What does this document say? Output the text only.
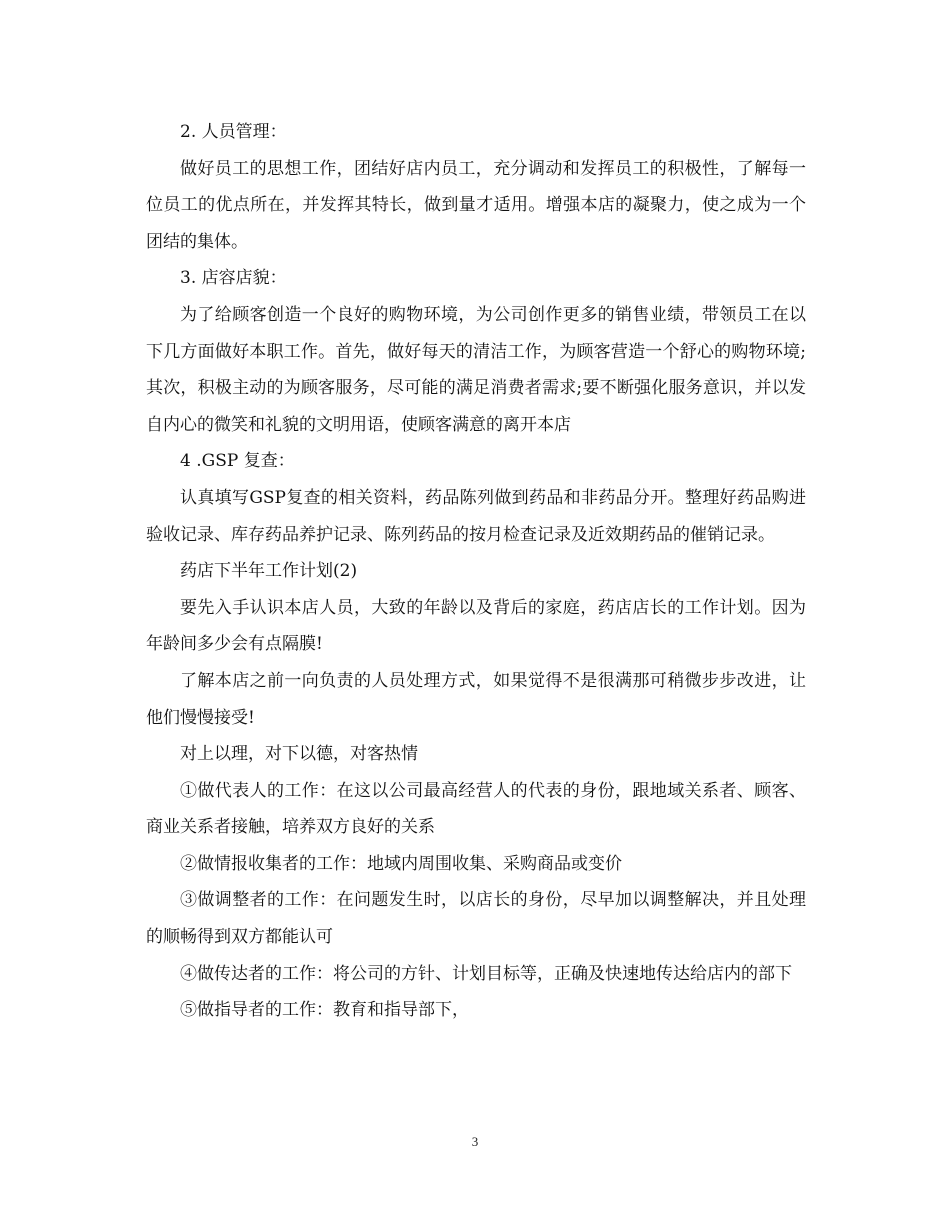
2. 人员管理：

做好员工的思想工作，团结好店内员工，充分调动和发挥员工的积极性，了解每一位员工的优点所在，并发挥其特长，做到量才适用。增强本店的凝聚力，使之成为一个团结的集体。

3. 店容店貌：

为了给顾客创造一个良好的购物环境，为公司创作更多的销售业绩，带领员工在以下几方面做好本职工作。首先，做好每天的清洁工作，为顾客营造一个舒心的购物环境;其次，积极主动的为顾客服务，尽可能的满足消费者需求;要不断强化服务意识，并以发自内心的微笑和礼貌的文明用语，使顾客满意的离开本店

4 .GSP 复查：

认真填写GSP复查的相关资料，药品陈列做到药品和非药品分开。整理好药品购进验收记录、库存药品养护记录、陈列药品的按月检查记录及近效期药品的催销记录。

药店下半年工作计划(2)

要先入手认识本店人员，大致的年龄以及背后的家庭，药店店长的工作计划。因为年龄间多少会有点隔膜!

了解本店之前一向负责的人员处理方式，如果觉得不是很满那可稍微步步改进，让他们慢慢接受!

对上以理，对下以德，对客热情

①做代表人的工作：在这以公司最高经营人的代表的身份，跟地域关系者、顾客、商业关系者接触，培养双方良好的关系

②做情报收集者的工作：地域内周围收集、采购商品或变价

③做调整者的工作：在问题发生时，以店长的身份，尽早加以调整解决，并且处理的顺畅得到双方都能认可

④做传达者的工作：将公司的方针、计划目标等，正确及快速地传达给店内的部下

⑤做指导者的工作：教育和指导部下，

3
